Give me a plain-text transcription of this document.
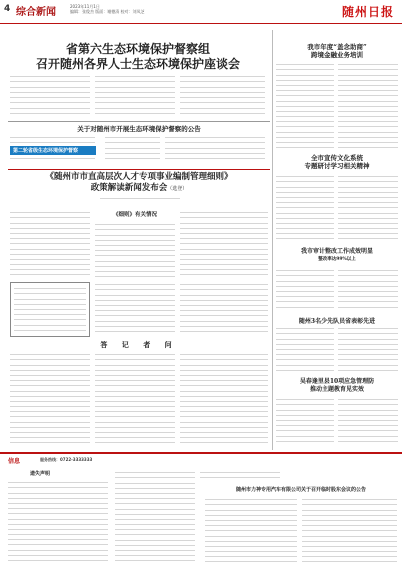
4 综合新闻
2023年11月1日
编辑：张俊杰 版面：谢德清 校对：刘凤芝	随州日报
省第六生态环境保护督察组
召开随州各界人士生态环境保护座谈会

关于对随州市开展生态环境保护督察的公告

第二轮省级生态环境保护督察

我市年度“盖念助商”
跨境金融业务培训

全市宣传文化系统
专题研讨学习相关精神

《随州市市直高层次人才专项事业编制管理细则》
政策解读新闻发布会（选登）

《细则》有关情况

答 记 者 问

我市审计整改工作成效明显
整改率达99%以上

随州3名少先队员省表彰先进

吴春逢里县10项应急管理防
推动主题教育见实效

信息	服务热线：0722-3333333
遗失声明

随州市力神专用汽车有限公司关于召开临时股东会议的公告
